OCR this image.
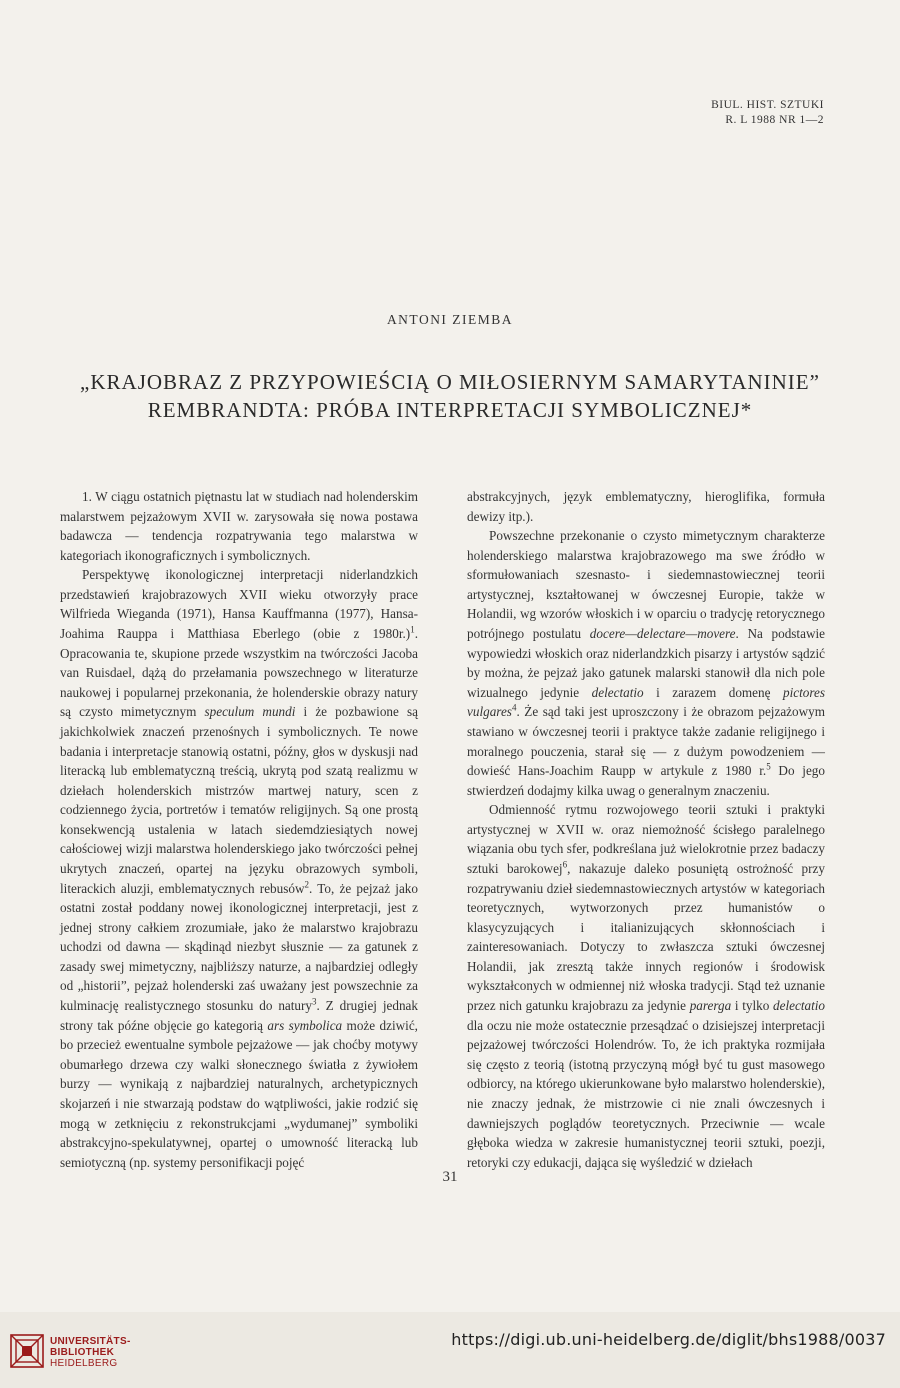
BIUL. HIST. SZTUKI
R. L 1988 NR 1—2
ANTONI ZIEMBA
„KRAJOBRAZ Z PRZYPOWIEŚCIĄ O MIŁOSIERNYM SAMARYTANINIE”
REMBRANDTA: PRÓBA INTERPRETACJI SYMBOLICZNEJ*

1. W ciągu ostatnich piętnastu lat w studiach nad holenderskim malarstwem pejzażowym XVII w. zarysowała się nowa postawa badawcza — tendencja rozpatrywania tego malarstwa w kategoriach ikonograficznych i symbolicznych.

Perspektywę ikonologicznej interpretacji niderlandzkich przedstawień krajobrazowych XVII wieku otworzyły prace Wilfrieda Wieganda (1971), Hansa Kauffmanna (1977), Hansa-Joahima Rauppa i Matthiasa Eberlego (obie z 1980r.)$^1$. Opracowania te, skupione przede wszystkim na twórczości Jacoba van Ruisdael, dążą do przełamania powszechnego w literaturze naukowej i popularnej przekonania, że holenderskie obrazy natury są czysto mimetycznym speculum mundi i że pozbawione są jakichkolwiek znaczeń przenośnych i symbolicznych. Te nowe badania i interpretacje stanowią ostatni, późny, głos w dyskusji nad literacką lub emblematyczną treścią, ukrytą pod szatą realizmu w dziełach holenderskich mistrzów martwej natury, scen z codziennego życia, portretów i tematów religijnych. Są one prostą konsekwencją ustalenia w latach siedemdziesiątych nowej całościowej wizji malarstwa holenderskiego jako twórczości pełnej ukrytych znaczeń, opartej na języku obrazowych symboli, literackich aluzji, emblematycznych rebusów$^2$. To, że pejzaż jako ostatni został poddany nowej ikonologicznej interpretacji, jest z jednej strony całkiem zrozumiałe, jako że malarstwo krajobrazu uchodzi od dawna — skądinąd niezbyt słusznie — za gatunek z zasady swej mimetyczny, najbliższy naturze, a najbardziej odległy od „historii”, pejzaż holenderski zaś uważany jest powszechnie za kulminację realistycznego stosunku do natury$^3$. Z drugiej jednak strony tak późne objęcie go kategorią ars symbolica może dziwić, bo przecież ewentualne symbole pejzażowe — jak choćby motywy obumarłego drzewa czy walki słonecznego światła z żywiołem burzy — wynikają z najbardziej naturalnych, archetypicznych skojarzeń i nie stwarzają podstaw do wątpliwości, jakie rodzić się mogą w zetknięciu z rekonstrukcjami „wydumanej” symboliki abstrakcyjno-spekulatywnej, opartej o umowność literacką lub semiotyczną (np. systemy personifikacji pojęć

abstrakcyjnych, język emblematyczny, hieroglifika, formuła dewizy itp.).

Powszechne przekonanie o czysto mimetycznym charakterze holenderskiego malarstwa krajobrazowego ma swe źródło w sformułowaniach szesnasto- i siedemnastowiecznej teorii artystycznej, kształtowanej w ówczesnej Europie, także w Holandii, wg wzorów włoskich i w oparciu o tradycję retorycznego potrójnego postulatu docere—delectare—movere. Na podstawie wypowiedzi włoskich oraz niderlandzkich pisarzy i artystów sądzić by można, że pejzaż jako gatunek malarski stanowił dla nich pole wizualnego jedynie delectatio i zarazem domenę pictores vulgares$^4$. Że sąd taki jest uproszczony i że obrazom pejzażowym stawiano w ówczesnej teorii i praktyce także zadanie religijnego i moralnego pouczenia, starał się — z dużym powodzeniem — dowieść Hans-Joachim Raupp w artykule z 1980 r.$^5$ Do jego stwierdzeń dodajmy kilka uwag o generalnym znaczeniu.

Odmienność rytmu rozwojowego teorii sztuki i praktyki artystycznej w XVII w. oraz niemożność ścisłego paralelnego wiązania obu tych sfer, podkreślana już wielokrotnie przez badaczy sztuki barokowej$^6$, nakazuje daleko posuniętą ostrożność przy rozpatrywaniu dzieł siedemnastowiecznych artystów w kategoriach teoretycznych, wytworzonych przez humanistów o klasycyzujących i italianizujących skłonnościach i zainteresowaniach. Dotyczy to zwłaszcza sztuki ówczesnej Holandii, jak zresztą także innych regionów i środowisk wykształconych w odmiennej niż włoska tradycji. Stąd też uznanie przez nich gatunku krajobrazu za jedynie parerga i tylko delectatio dla oczu nie może ostatecznie przesądzać o dzisiejszej interpretacji pejzażowej twórczości Holendrów. To, że ich praktyka rozmijała się często z teorią (istotną przyczyną mógł być tu gust masowego odbiorcy, na którego ukierunkowane było malarstwo holenderskie), nie znaczy jednak, że mistrzowie ci nie znali ówczesnych i dawniejszych poglądów teoretycznych. Przeciwnie — wcale głęboka wiedza w zakresie humanistycznej teorii sztuki, poezji, retoryki czy edukacji, dająca się wyśledzić w dziełach

31
UNIVERSITÄTS-
BIBLIOTHEK
HEIDELBERG
https://digi.ub.uni-heidelberg.de/diglit/bhs1988/0037
